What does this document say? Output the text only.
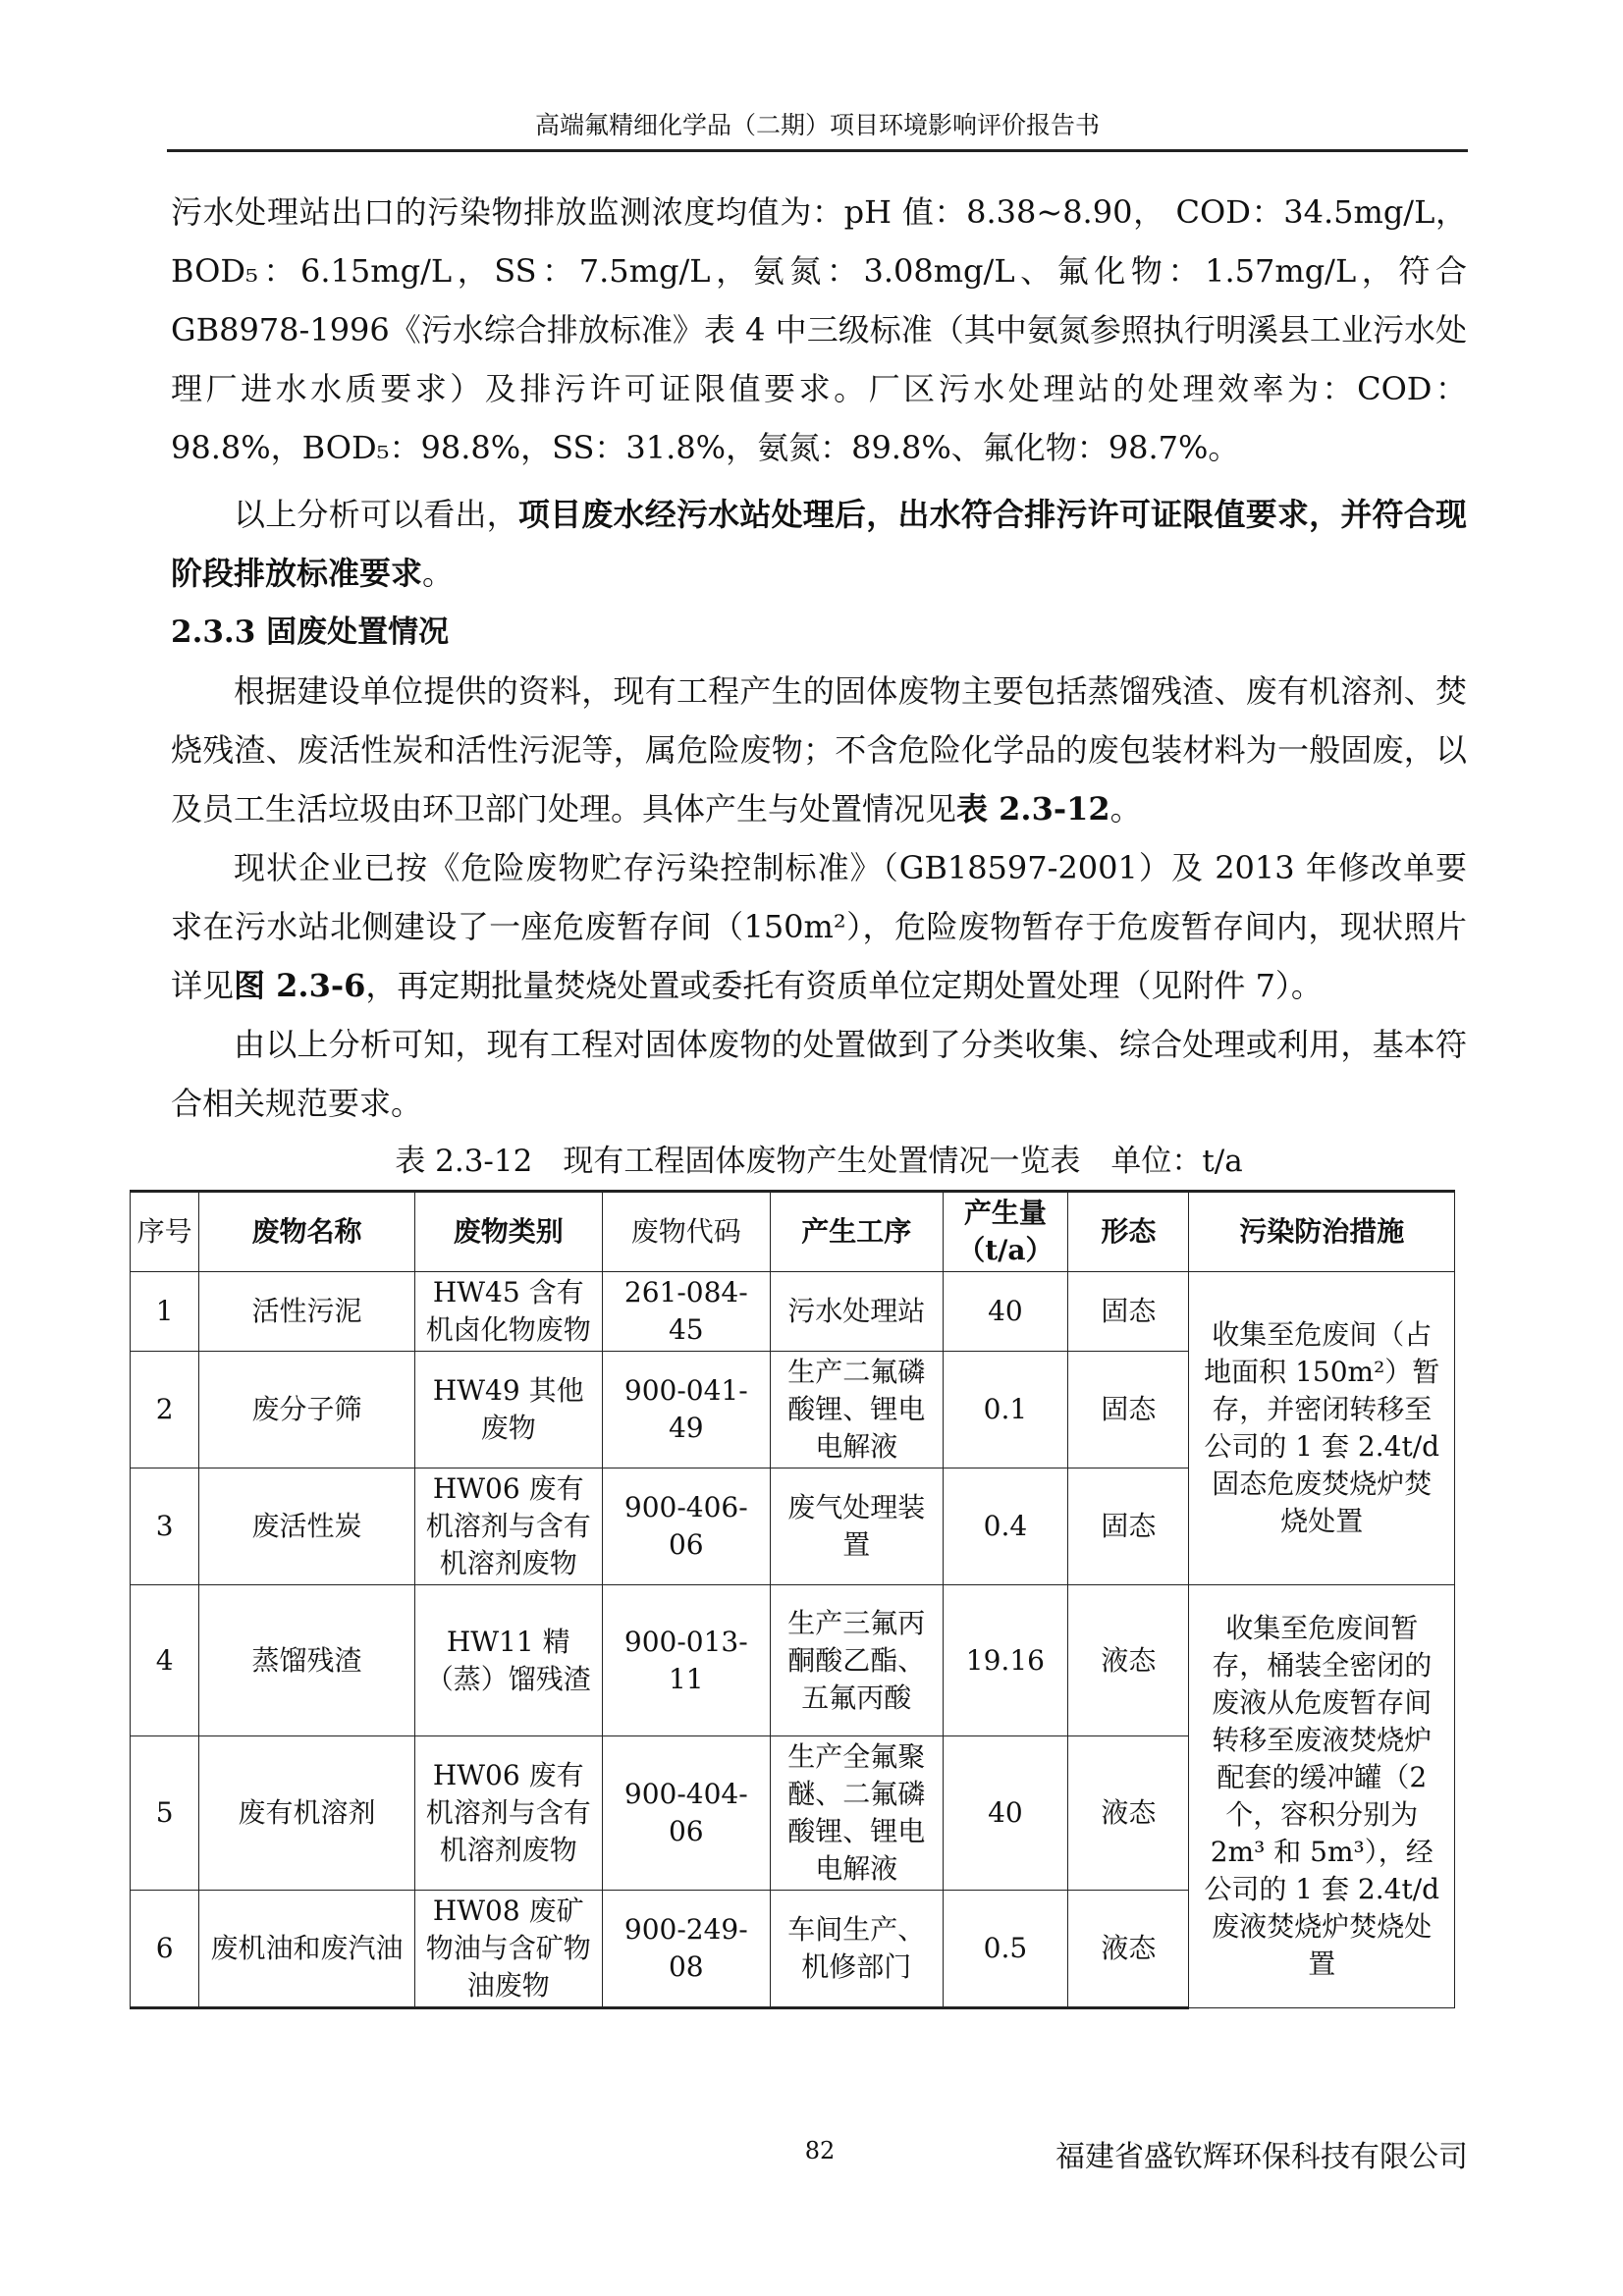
高端氟精细化学品（二期）项目环境影响评价报告书

污水处理站出口的污染物排放监测浓度均值为：pH 值：8.38~8.90， COD：34.5mg/L，BOD₅：6.15mg/L，SS：7.5mg/L，氨氮：3.08mg/L、氟化物：1.57mg/L，符合 GB8978-1996《污水综合排放标准》表 4 中三级标准（其中氨氮参照执行明溪县工业污水处理厂进水水质要求）及排污许可证限值要求。厂区污水处理站的处理效率为：COD：98.8%，BOD₅：98.8%，SS：31.8%，氨氮：89.8%、氟化物：98.7%。

以上分析可以看出，项目废水经污水站处理后，出水符合排污许可证限值要求，并符合现阶段排放标准要求。

2.3.3 固废处置情况

根据建设单位提供的资料，现有工程产生的固体废物主要包括蒸馏残渣、废有机溶剂、焚烧残渣、废活性炭和活性污泥等，属危险废物；不含危险化学品的废包装材料为一般固废，以及员工生活垃圾由环卫部门处理。具体产生与处置情况见表 2.3-12。

现状企业已按《危险废物贮存污染控制标准》（GB18597-2001）及 2013 年修改单要求在污水站北侧建设了一座危废暂存间（150m²），危险废物暂存于危废暂存间内，现状照片详见图 2.3-6，再定期批量焚烧处置或委托有资质单位定期处置处理（见附件 7）。

由以上分析可知，现有工程对固体废物的处置做到了分类收集、综合处理或利用，基本符合相关规范要求。

表 2.3-12　现有工程固体废物产生处置情况一览表　单位：t/a
序号	废物名称	废物类别	废物代码	产生工序	产生量（t/a）	形态	污染防治措施
1	活性污泥	HW45 含有机卤化物废物	261-084-45	污水处理站	40	固态	收集至危废间（占地面积 150m²）暂存，并密闭转移至公司的 1 套 2.4t/d 固态危废焚烧炉焚烧处置
2	废分子筛	HW49 其他废物	900-041-49	生产二氟磷酸锂、锂电电解液	0.1	固态	
3	废活性炭	HW06 废有机溶剂与含有机溶剂废物	900-406-06	废气处理装置	0.4	固态	
4	蒸馏残渣	HW11 精（蒸）馏残渣	900-013-11	生产三氟丙酮酸乙酯、五氟丙酸	19.16	液态	收集至危废间暂存，桶装全密闭的废液从危废暂存间转移至废液焚烧炉配套的缓冲罐（2 个，容积分别为 2m³ 和 5m³），经公司的 1 套 2.4t/d 废液焚烧炉焚烧处置
5	废有机溶剂	HW06 废有机溶剂与含有机溶剂废物	900-404-06	生产全氟聚醚、二氟磷酸锂、锂电电解液	40	液态	
6	废机油和废汽油	HW08 废矿物油与含矿物油废物	900-249-08	车间生产、机修部门	0.5	液态	
82	福建省盛钦辉环保科技有限公司
